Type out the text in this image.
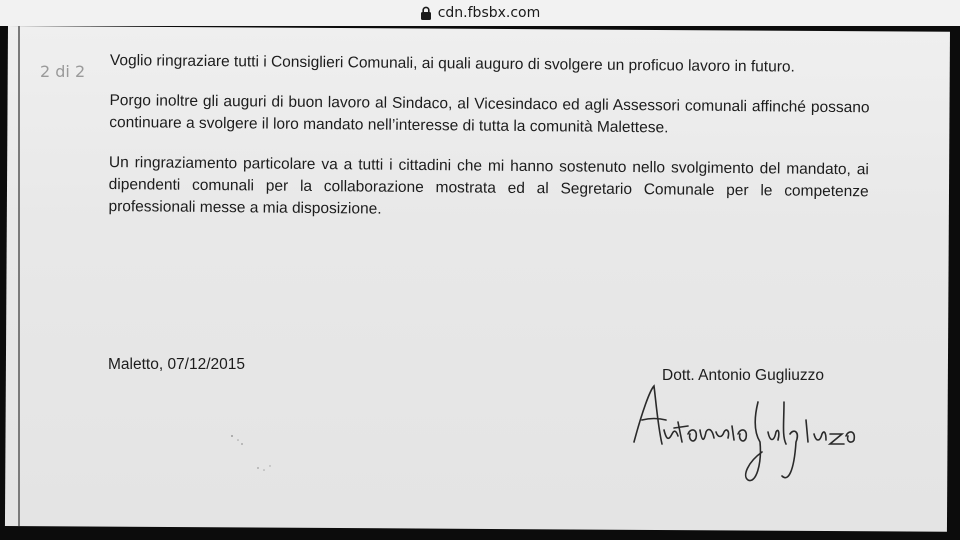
cdn.fbsbx.com
2 di 2 Voglio ringraziare tutti i Consiglieri Comunali, ai quali auguro di svolgere un proficuo lavoro in futuro.

Porgo inoltre gli auguri di buon lavoro al Sindaco, al Vicesindaco ed agli Assessori comunali affinché possano continuare a svolgere il loro mandato nell’interesse di tutta la comunità Malettese.

Un ringraziamento particolare va a tutti i cittadini che mi hanno sostenuto nello svolgimento del mandato, ai dipendenti comunali per la collaborazione mostrata ed al Segretario Comunale per le competenze professionali messe a mia disposizione.

Maletto, 07/12/2015
Dott. Antonio Gugliuzzo
